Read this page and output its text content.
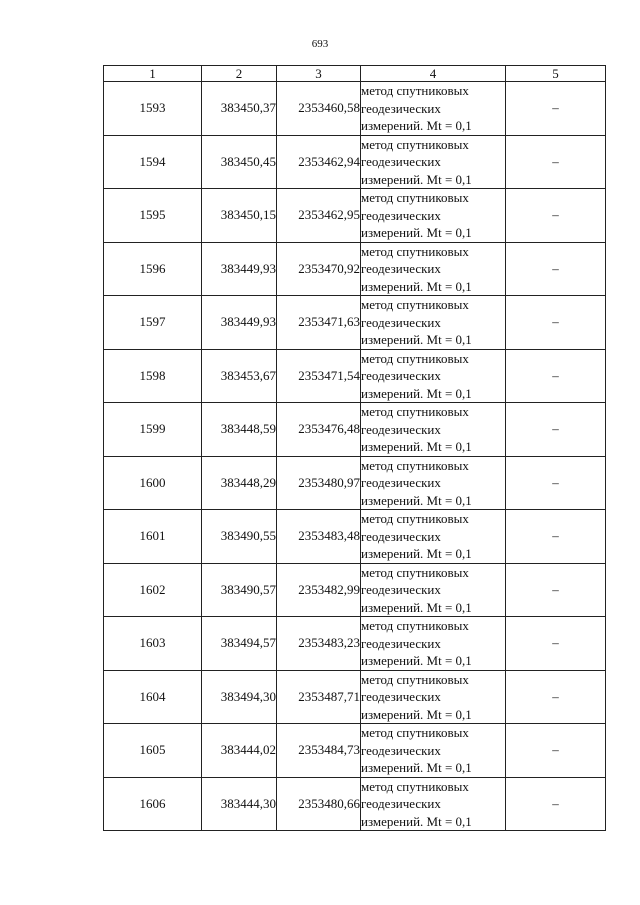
693
1	2	3	4	5
1593	383450,37	2353460,58	метод спутниковых
геодезических
измерений. Mt = 0,1	–
1594	383450,45	2353462,94	метод спутниковых
геодезических
измерений. Mt = 0,1	–
1595	383450,15	2353462,95	метод спутниковых
геодезических
измерений. Mt = 0,1	–
1596	383449,93	2353470,92	метод спутниковых
геодезических
измерений. Mt = 0,1	–
1597	383449,93	2353471,63	метод спутниковых
геодезических
измерений. Mt = 0,1	–
1598	383453,67	2353471,54	метод спутниковых
геодезических
измерений. Mt = 0,1	–
1599	383448,59	2353476,48	метод спутниковых
геодезических
измерений. Mt = 0,1	–
1600	383448,29	2353480,97	метод спутниковых
геодезических
измерений. Mt = 0,1	–
1601	383490,55	2353483,48	метод спутниковых
геодезических
измерений. Mt = 0,1	–
1602	383490,57	2353482,99	метод спутниковых
геодезических
измерений. Mt = 0,1	–
1603	383494,57	2353483,23	метод спутниковых
геодезических
измерений. Mt = 0,1	–
1604	383494,30	2353487,71	метод спутниковых
геодезических
измерений. Mt = 0,1	–
1605	383444,02	2353484,73	метод спутниковых
геодезических
измерений. Mt = 0,1	–
1606	383444,30	2353480,66	метод спутниковых
геодезических
измерений. Mt = 0,1	–
